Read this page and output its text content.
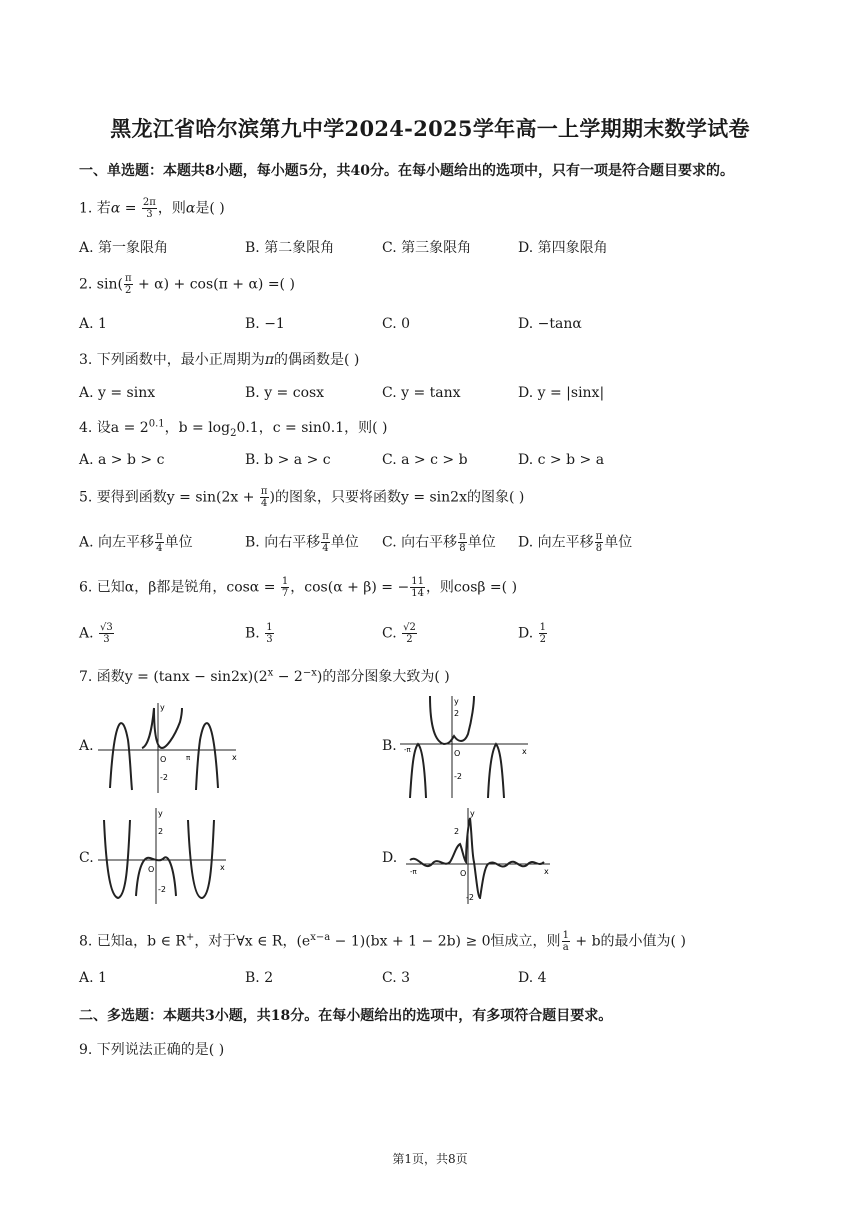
黑龙江省哈尔滨第九中学2024-2025学年高一上学期期末数学试卷
一、单选题：本题共8小题，每小题5分，共40分。在每小题给出的选项中，只有一项是符合题目要求的。
1. 若$\alpha = \frac{2\pi}{3}$ ，则α是( )
A. 第一象限角	B. 第二象限角	C. 第三象限角	D. 第四象限角
2. $\sin( \frac{\pi}{2} + \alpha) + \cos(\pi + \alpha)$ =( )
A. 1	B. −1	C. 0	D. −tanα
3. 下列函数中，最小正周期为π的偶函数是( )
A. y = sinx	B. y = cosx	C. y = tanx	D. y = |sinx|
4. 设$a = 2^{0.1}$，$b = \log_20.1$，c = sin0.1，则( )
A. a > b > c	B. b > a > c	C. a > c > b	D. c > b > a
5. 要得到函数$y = \sin(2x + \frac{\pi}{4}$ )的图象，只要将函数y = sin2x的图象( )
A. 向左平移 $\frac{\pi}{4}$ 单位	B. 向右平移 $\frac{\pi}{4}$ 单位 C. 向右平移 $\frac{\pi}{8}$ 单位 D. 向左平移 $\frac{\pi}{8}$ 单位
6. 已知α，β都是锐角，$\cos\alpha = \frac{1}{7}$ ，cos(α + β) = − $\frac{11}{14}$ ，则cosβ =( )
A. $\frac{√3}{3}$	B. $\frac{1}{3}$	C. $\frac{√2}{2}$	D. $\frac{1}{2}$
7. 函数$y = (\tan x - \sin 2x)(2^x - 2^{-x})$的部分图象大致为( )
A.	B.
C.	D.
y
x
O
-2
π
y
2
x
-π	O
-2
y
2
x
O
-2
y
2
x
-π	O
-2
8. 已知a，b ∈ R+，对于∀x ∈ R，$(e^{x-a} - 1)(bx + 1 - 2b) \ge 0$恒成立，则 $\frac{1}{a} + b$的最小值为( )
A. 1	B. 2	C. 3	D. 4
二、多选题：本题共3小题，共18分。在每小题给出的选项中，有多项符合题目要求。
9. 下列说法正确的是( )
第1页，共8页
